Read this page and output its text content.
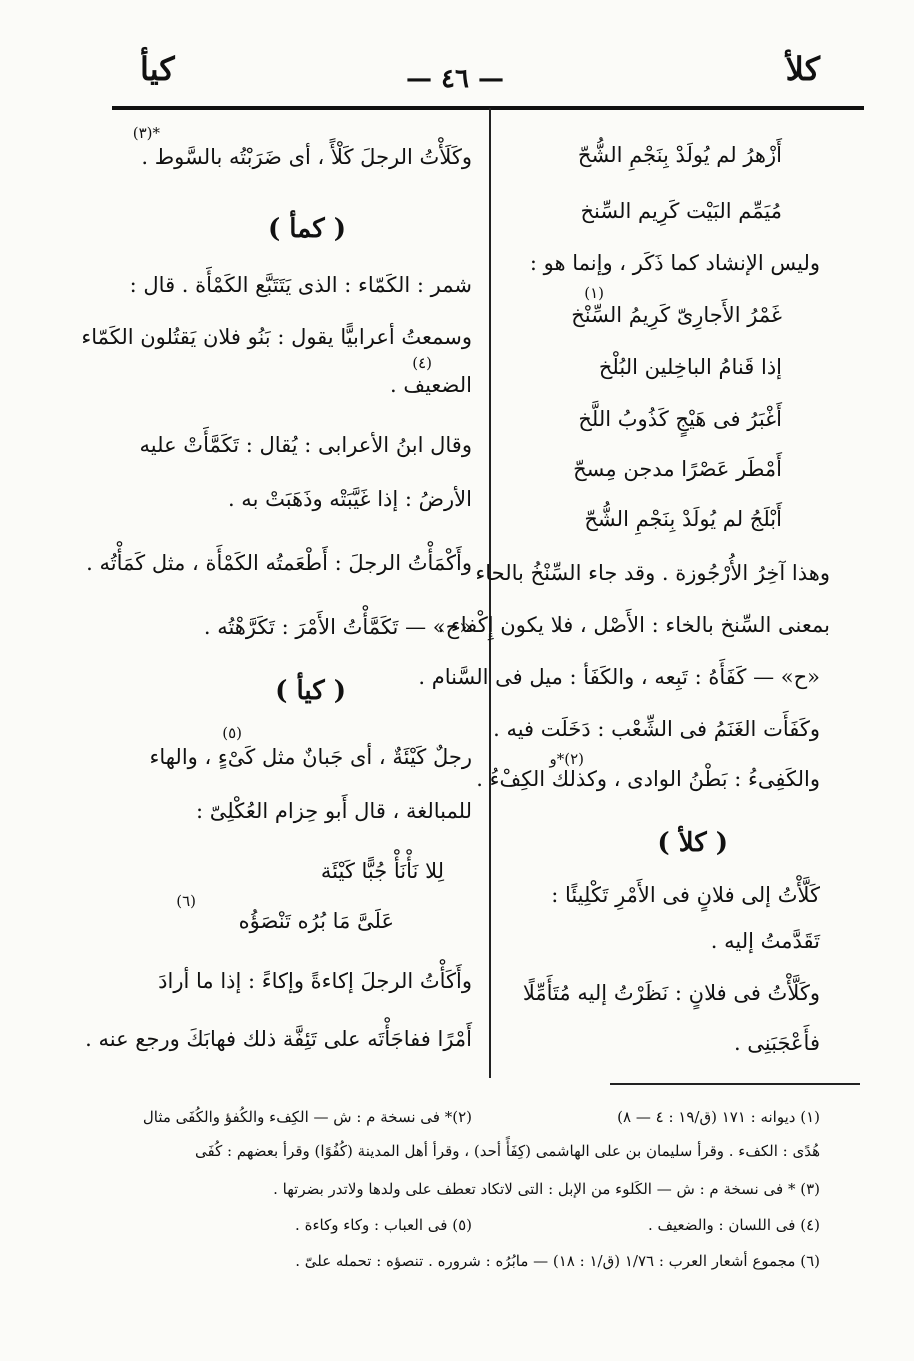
كلأ
— ٤٦ —
كيأ
أَزْهرُ لم يُولَدْ بِنَجْمِ الشُّحّ
مُيَمِّم البَيْت كَرِيم السِّنخ
وليس الإنشاد كما ذَكَر ، وإنما هو :
(١)
غَمْرُ الأَجارِىّ كَرِيمُ السِّنْخ
إذا قَنامُ الباخِلين البُلْخ
أَغْبَرُ فى هَيْجٍ كَذُوبُ اللَّخ
أَمْطَر عَصْرًا مدجن مِسحّ
أَبْلَجُ لم يُولَدْ بِنَجْمِ الشُّحّ
وهذا آخِرُ الأُرْجُوزة . وقد جاء السِّنْخُ بالحاء
بمعنى السِّنخ بالخاء : الأَصْل ، فلا يكون إِكْفاء .
«ح» — كَفَأَهُ : تَبِعه ، والكَفَأ : ميل فى السَّنام .
وكَفَأَت الغَنَمُ فى الشِّعْب : دَخَلَت فيه .
(٢)*و
والكَفِىءُ : بَطْنُ الوادى ، وكذلك الكِفْءُ .
( كلأ )
كَلَّأْتُ إلى فلانٍ فى الأَمْرِ تَكْلِيئًا :
تَقَدَّمتُ إليه .
وكَلَّأْتُ فى فلانٍ : نَظَرْتُ إليه مُتَأَمِّلًا
فأَعْجَبَنِى .
(٣)*
وكَلَأْتُ الرجلَ كَلْأً ، أى ضَرَبْتُه بالسَّوط .
( كمأ )
شمر : الكَمّاء : الذى يَتَتَبَّع الكَمْأَة . قال :
وسمعتُ أعرابيًّا يقول : بَنُو فلان يَقتُلون الكَمّاء
(٤)
الضعيف .
وقال ابنُ الأعرابى : يُقال : تَكَمَّأَتْ عليه
الأرضُ : إذا غَيَّبَتْه وذَهَبَتْ به .
وأَكْمَأْتُ الرجلَ : أَطْعَمتُه الكَمْأَة ، مثل كَمَأْتُه .
«ح» — تَكَمَّأْتُ الأَمْرَ : تَكَرَّهْتُه .
( كيأ )
(٥)
رجلٌ كَيْئَةٌ ، أى جَبانٌ مثل كَىْءٍ ، والهاء
للمبالغة ، قال أَبو حِزام العُكْلِىّ :
لِلا نَأْنَأْ جُبًّا كَيْئَة
(٦)
عَلَىَّ مَا بُرُه تَنْصَؤُه
وأَكَأْتُ الرجلَ إكاءةً وإكاءً : إذا ما أرادَ
أَمْرًا ففاجَأْتَه على تَئِفَّة ذلك فهابَكَ ورجع عنه .
(١) ديوانه : ١٧١ (ق/١٩ : ٤ — ٨)
(٢)* فى نسخة م : ش — الكِفء والكُفؤ والكُفَى مثال
هُدًى : الكفء . وقرأ سليمان بن على الهاشمى (كِفَأً أحد) ، وقرأ أهل المدينة (كُفُوًا) وقرأ بعضهم : كُفَى
(٣) * فى نسخة م : ش — الكَلوء من الإبل : التى لاتكاد تعطف على ولدها ولاتدر بضرتها .
(٤) فى اللسان : والضعيف .
(٥) فى العباب : وكاء وكاءة .
(٦) مجموع أشعار العرب : ١/٧٦ (ق/١ : ١٨) — مابُرُه : شروره . تنصؤه : تحمله علىّ .
